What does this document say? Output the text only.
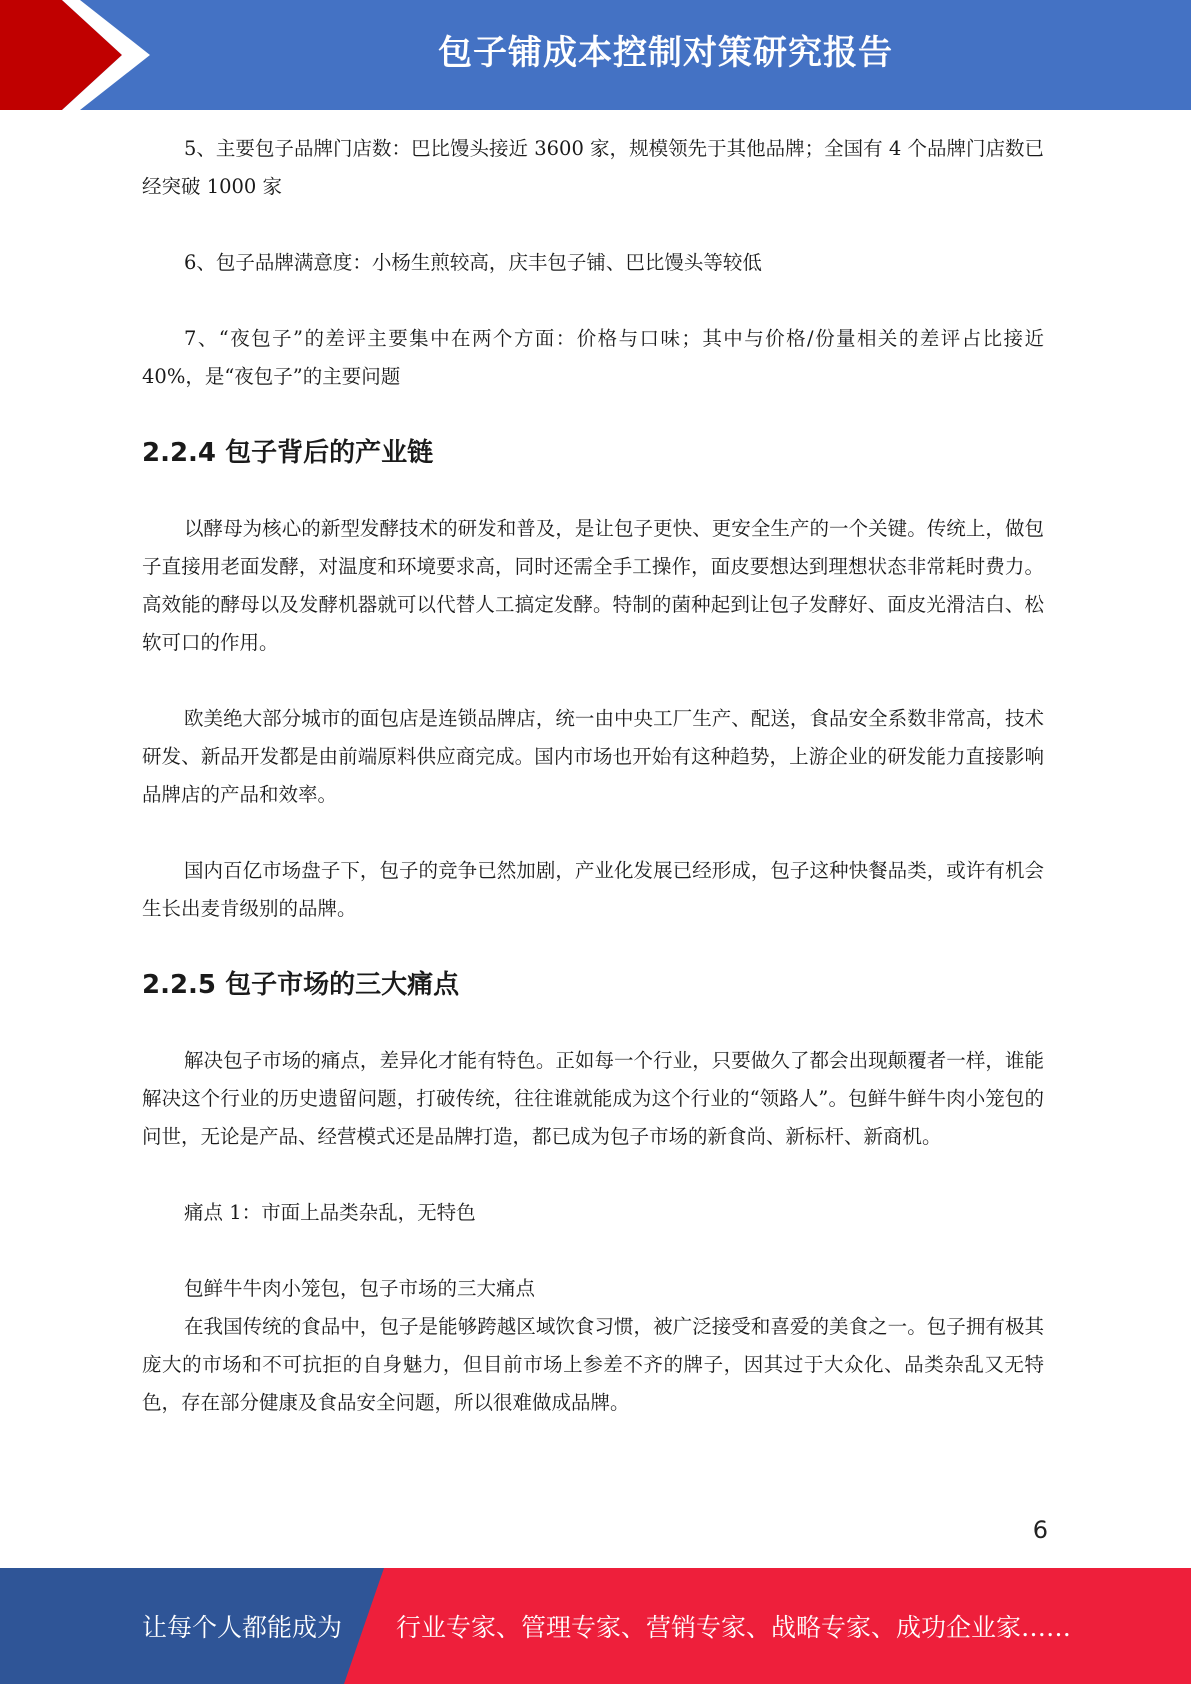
包子铺成本控制对策研究报告

5、主要包子品牌门店数：巴比馒头接近 3600 家，规模领先于其他品牌；全国有 4 个品牌门店数已经突破 1000 家

6、包子品牌满意度：小杨生煎较高，庆丰包子铺、巴比馒头等较低

7、“夜包子”的差评主要集中在两个方面：价格与口味；其中与价格/份量相关的差评占比接近 40%，是“夜包子”的主要问题

2.2.4 包子背后的产业链

以酵母为核心的新型发酵技术的研发和普及，是让包子更快、更安全生产的一个关键。传统上，做包子直接用老面发酵，对温度和环境要求高，同时还需全手工操作，面皮要想达到理想状态非常耗时费力。高效能的酵母以及发酵机器就可以代替人工搞定发酵。特制的菌种起到让包子发酵好、面皮光滑洁白、松软可口的作用。

欧美绝大部分城市的面包店是连锁品牌店，统一由中央工厂生产、配送，食品安全系数非常高，技术研发、新品开发都是由前端原料供应商完成。国内市场也开始有这种趋势，上游企业的研发能力直接影响品牌店的产品和效率。

国内百亿市场盘子下，包子的竞争已然加剧，产业化发展已经形成，包子这种快餐品类，或许有机会生长出麦肯级别的品牌。

2.2.5 包子市场的三大痛点

解决包子市场的痛点，差异化才能有特色。正如每一个行业，只要做久了都会出现颠覆者一样，谁能解决这个行业的历史遗留问题，打破传统，往往谁就能成为这个行业的“领路人”。包鲜牛鲜牛肉小笼包的问世，无论是产品、经营模式还是品牌打造，都已成为包子市场的新食尚、新标杆、新商机。

痛点 1：市面上品类杂乱，无特色

包鲜牛牛肉小笼包，包子市场的三大痛点

在我国传统的食品中，包子是能够跨越区域饮食习惯，被广泛接受和喜爱的美食之一。包子拥有极其庞大的市场和不可抗拒的自身魅力，但目前市场上参差不齐的牌子，因其过于大众化、品类杂乱又无特色，存在部分健康及食品安全问题，所以很难做成品牌。

6
让每个人都能成为 行业专家、管理专家、营销专家、战略专家、成功企业家……
